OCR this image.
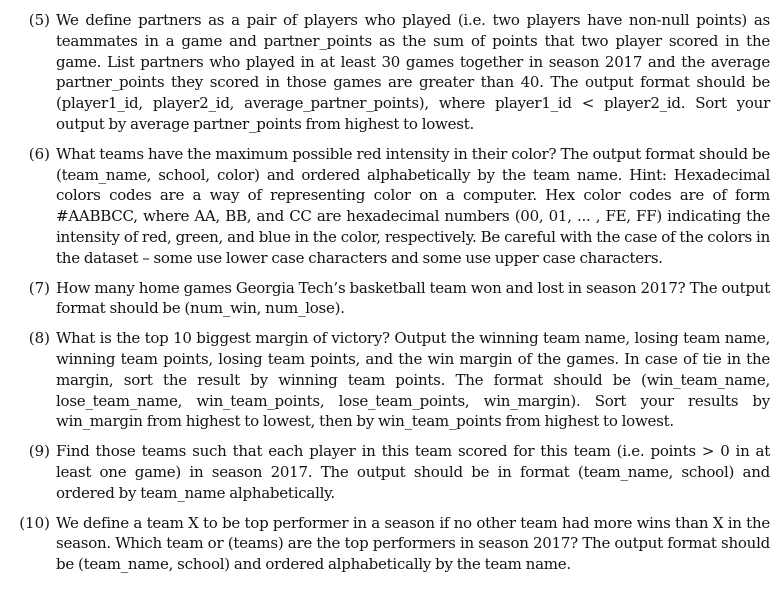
(5) We define partners as a pair of players who played (i.e. two players have non-null points) as teammates in a game and partner_points as the sum of points that two player scored in the game. List partners who played in at least 30 games together in season 2017 and the average partner_points they scored in those games are greater than 40. The output format should be (player1_id, player2_id, average_partner_points), where player1_id < player2_id. Sort your output by average partner_points from highest to lowest.
(6) What teams have the maximum possible red intensity in their color? The output format should be (team_name, school, color) and ordered alphabetically by the team name. Hint: Hexadecimal colors codes are a way of representing color on a computer. Hex color codes are of form #AABBCC, where AA, BB, and CC are hexadecimal numbers (00, 01, ... , FE, FF) indicating the intensity of red, green, and blue in the color, respectively. Be careful with the case of the colors in the dataset – some use lower case characters and some use upper case characters.
(7) How many home games Georgia Tech’s basketball team won and lost in season 2017? The output format should be (num_win, num_lose).
(8) What is the top 10 biggest margin of victory? Output the winning team name, losing team name, winning team points, losing team points, and the win margin of the games. In case of tie in the margin, sort the result by winning team points. The format should be (win_team_name, lose_team_name, win_team_points, lose_team_points, win_margin). Sort your results by win_margin from highest to lowest, then by win_team_points from highest to lowest.
(9) Find those teams such that each player in this team scored for this team (i.e. points > 0 in at least one game) in season 2017. The output should be in format (team_name, school) and ordered by team_name alphabetically.
(10) We define a team X to be top performer in a season if no other team had more wins than X in the season. Which team or (teams) are the top performers in season 2017? The output format should be (team_name, school) and ordered alphabetically by the team name.
